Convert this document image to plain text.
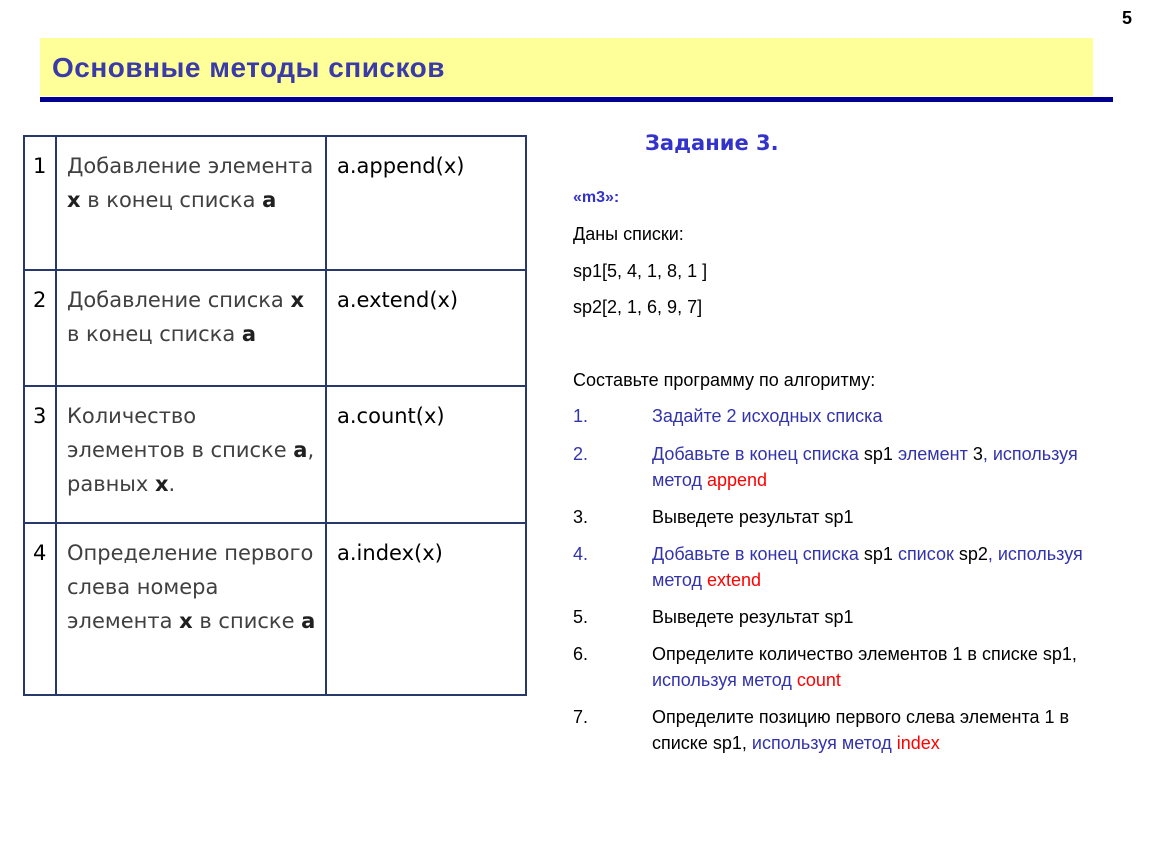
5
Основные методы списков
1	Добавление элемента x в конец списка a	a.append(x)
2	Добавление списка x в конец списка a	a.extend(x)
3	Количество элементов в списке a, равных x.	a.count(x)
4	Определение первого слева номера элемента x в списке a	a.index(x)
Задание 3.
«m3»:
Даны списки:
sp1[5, 4, 1, 8, 1 ]
sp2[2, 1, 6, 9, 7]
Составьте программу по алгоритму:
1.	Задайте 2 исходных списка
2.	Добавьте в конец списка sp1 элемент 3, используя метод append
3.	Выведете результат sp1
4.	Добавьте в конец списка sp1 список sp2, используя метод extend
5.	Выведете результат sp1
6.	Определите количество элементов 1 в списке sp1, используя метод count
7.	Определите позицию первого слева элемента 1 в списке sp1, используя метод index
